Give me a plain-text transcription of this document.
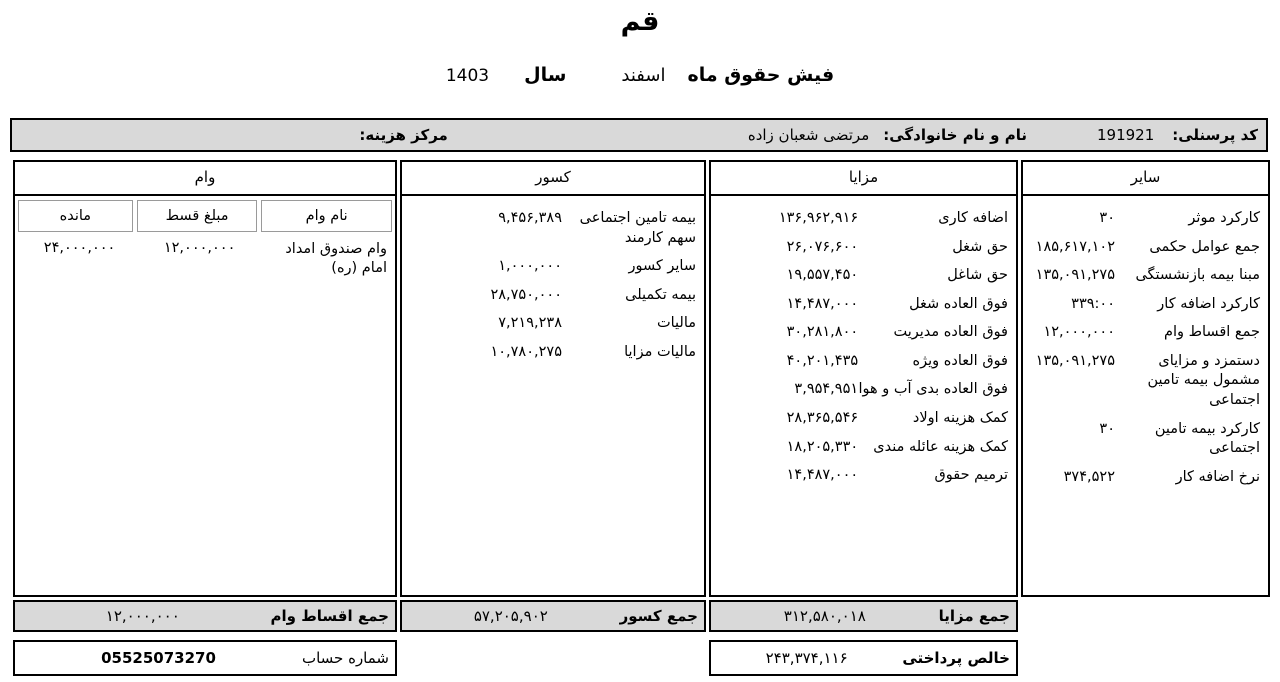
قم
فیش حقوق ماه
اسفند
سال
1403
کد پرسنلی:
191921
نام و نام خانوادگی:
مرتضی شعبان زاده
مرکز هزینه:
سایر
کارکرد موثر
۳۰
جمع عوامل حکمی
۱۸۵,۶۱۷,۱۰۲
مبنا بیمه بازنشستگی
۱۳۵,۰۹۱,۲۷۵
کارکرد اضافه کار
۳۳۹:۰۰
جمع اقساط وام
۱۲,۰۰۰,۰۰۰
دستمزد و مزایای مشمول بیمه تامین اجتماعی
۱۳۵,۰۹۱,۲۷۵
کارکرد بیمه تامین اجتماعی
۳۰
نرخ اضافه کار
۳۷۴,۵۲۲
مزایا
اضافه کاری
۱۳۶,۹۶۲,۹۱۶
حق شغل
۲۶,۰۷۶,۶۰۰
حق شاغل
۱۹,۵۵۷,۴۵۰
فوق العاده شغل
۱۴,۴۸۷,۰۰۰
فوق العاده مدیریت
۳۰,۲۸۱,۸۰۰
فوق العاده ویژه
۴۰,۲۰۱,۴۳۵
فوق العاده بدی آب و هوا
۳,۹۵۴,۹۵۱
کمک هزینه اولاد
۲۸,۳۶۵,۵۴۶
کمک هزینه عائله مندی
۱۸,۲۰۵,۳۳۰
ترمیم حقوق
۱۴,۴۸۷,۰۰۰
کسور
بیمه تامین اجتماعی سهم کارمند
۹,۴۵۶,۳۸۹
سایر کسور
۱,۰۰۰,۰۰۰
بیمه تکمیلی
۲۸,۷۵۰,۰۰۰
مالیات
۷,۲۱۹,۲۳۸
مالیات مزایا
۱۰,۷۸۰,۲۷۵
وام
نام وام
مبلغ قسط
مانده
وام صندوق امداد امام (ره)
۱۲,۰۰۰,۰۰۰
۲۴,۰۰۰,۰۰۰
جمع مزایا
۳۱۲,۵۸۰,۰۱۸
جمع کسور
۵۷,۲۰۵,۹۰۲
جمع اقساط وام
۱۲,۰۰۰,۰۰۰
خالص پرداختی
۲۴۳,۳۷۴,۱۱۶
شماره حساب
05525073270
